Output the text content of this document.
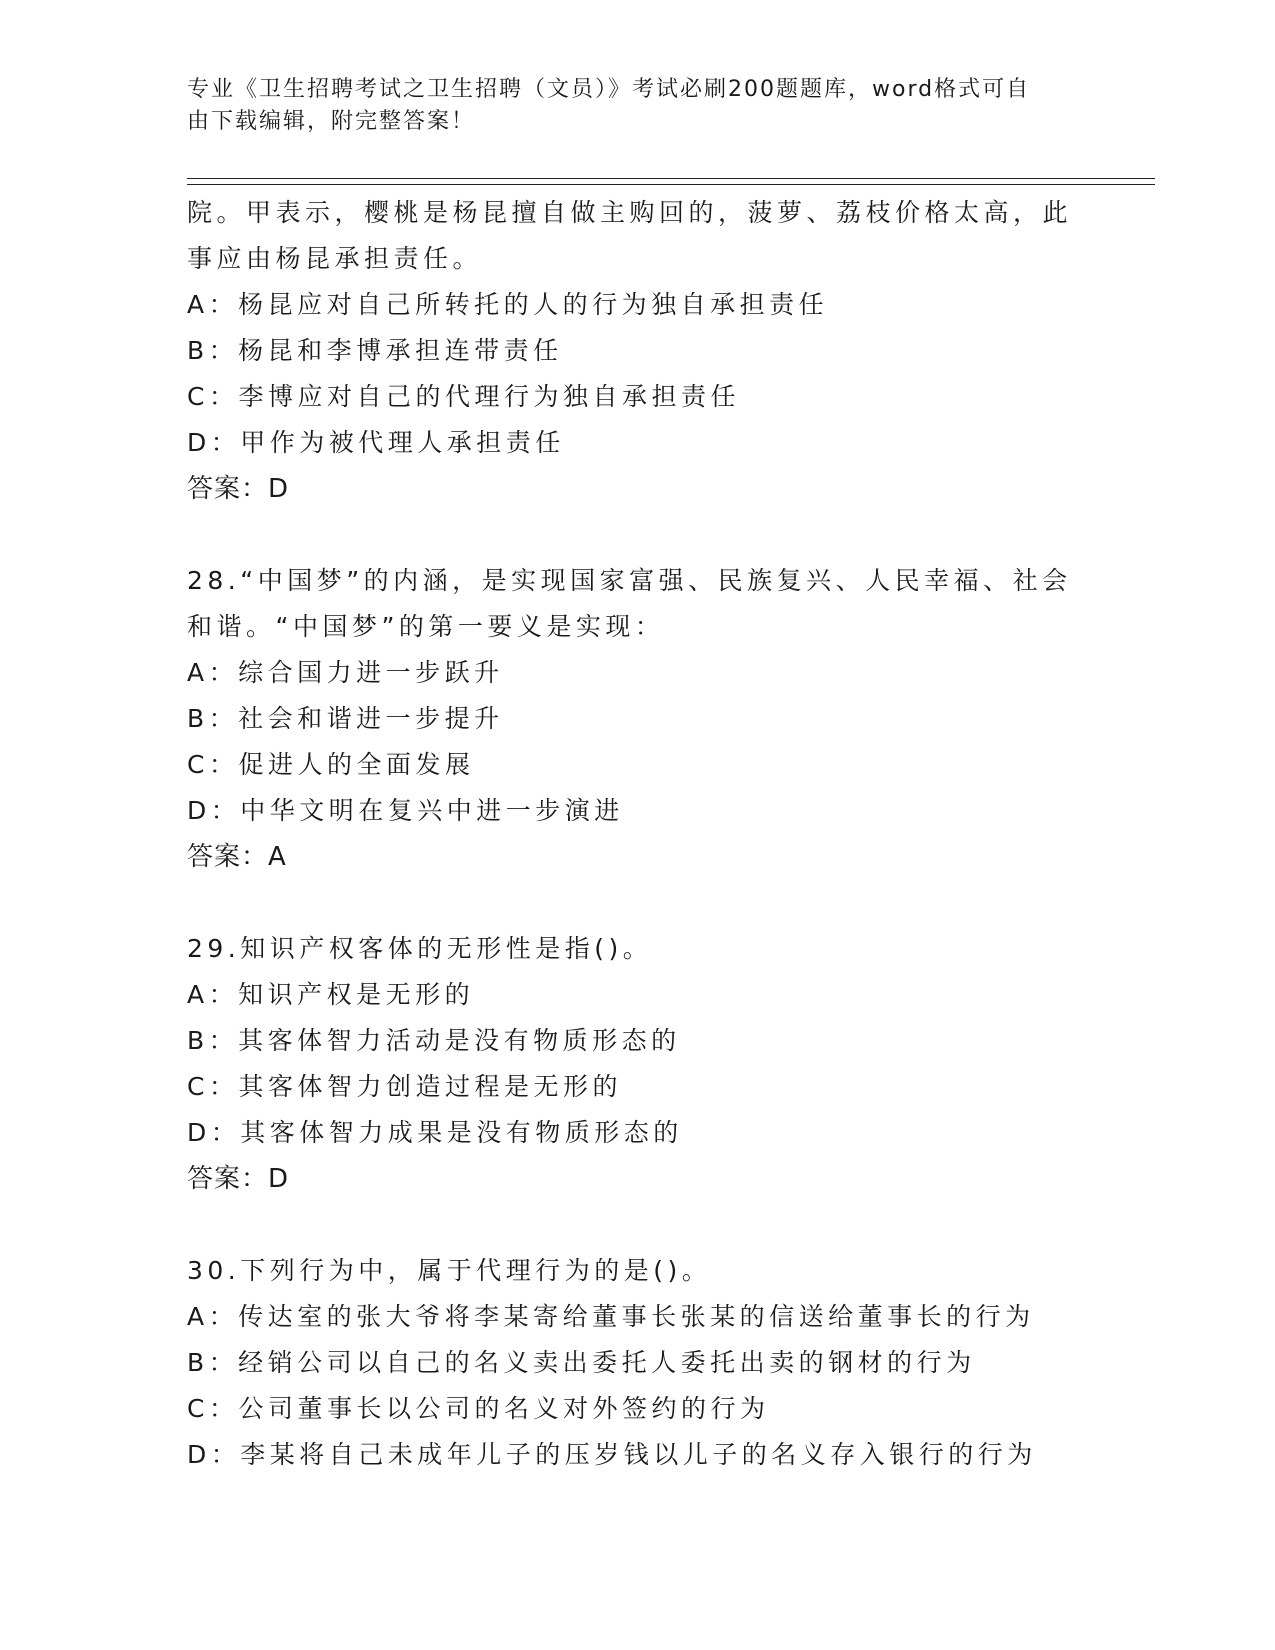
专业《卫生招聘考试之卫生招聘（文员）》考试必刷200题题库，word格式可自
由下载编辑，附完整答案！
院。甲表示，樱桃是杨昆擅自做主购回的，菠萝、荔枝价格太高，此
事应由杨昆承担责任。
A：杨昆应对自己所转托的人的行为独自承担责任
B：杨昆和李博承担连带责任
C：李博应对自己的代理行为独自承担责任
D：甲作为被代理人承担责任
答案：D
28.“中国梦”的内涵，是实现国家富强、民族复兴、人民幸福、社会
和谐。“中国梦”的第一要义是实现：
A：综合国力进一步跃升
B：社会和谐进一步提升
C：促进人的全面发展
D：中华文明在复兴中进一步演进
答案：A
29.知识产权客体的无形性是指()。
A：知识产权是无形的
B：其客体智力活动是没有物质形态的
C：其客体智力创造过程是无形的
D：其客体智力成果是没有物质形态的
答案：D
30.下列行为中，属于代理行为的是()。
A：传达室的张大爷将李某寄给董事长张某的信送给董事长的行为
B：经销公司以自己的名义卖出委托人委托出卖的钢材的行为
C：公司董事长以公司的名义对外签约的行为
D：李某将自己未成年儿子的压岁钱以儿子的名义存入银行的行为
